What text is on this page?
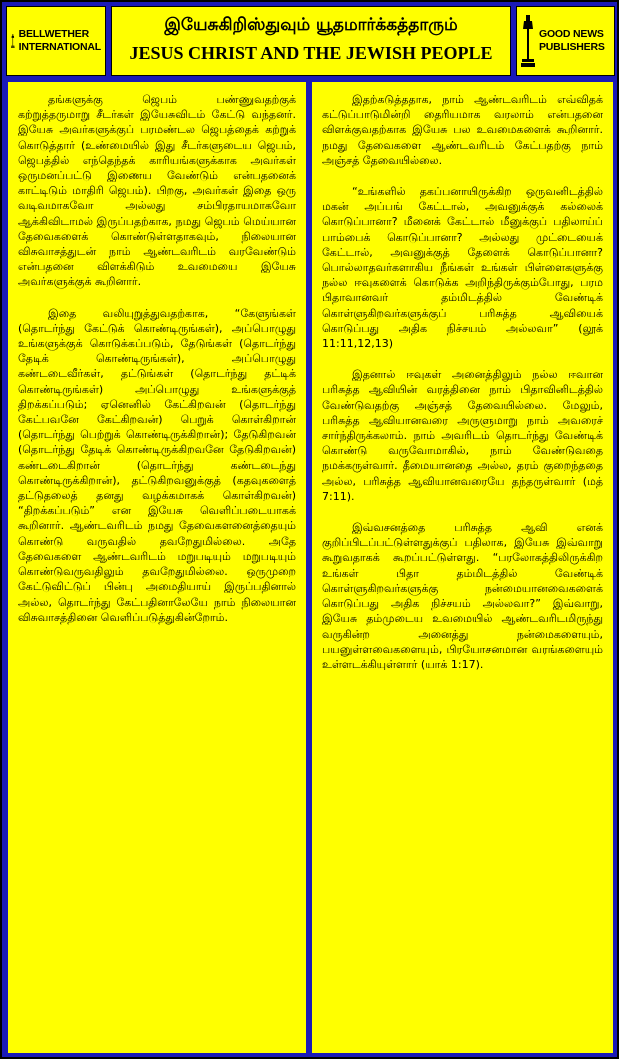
BELLWETHER
INTERNATIONAL
இயேசுகிறிஸ்துவும் யூதமார்க்கத்தாரும்
JESUS CHRIST AND THE JEWISH PEOPLE
GOOD NEWS
PUBLISHERS

தங்களுக்கு ஜெபம் பண்ணுவதற்குக் கற்றுத்தருமாறு சீடர்கள் இயேசுவிடம் கேட்டு வந்தனர். இயேசு அவர்களுக்குப் பரமண்டல ஜெபத்தைக் கற்றுக் கொடுத்தார் (உண்மையில் இது சீடர்களுடைய ஜெபம், ஜெபத்தில் எந்தெந்தக் காரியங்களுக்காக அவர்கள் ஒருமனப்பட்டு இணைய வேண்டும் என்பதனைக் காட்டிடும் மாதிரி ஜெபம்). பிறகு, அவர்கள் இதை ஒரு வடிவமாகவோ அல்லது சம்பிரதாயமாகவோ ஆக்கிவிடாமல் இருப்பதற்காக, நமது ஜெபம் மெய்யான தேவைகளைக் கொண்டுள்ளதாகவும், நிலையான விசுவாசத்துடன் நாம் ஆண்டவரிடம் வரவேண்டும் என்பதனை விளக்கிடும் உவமையை இயேசு அவர்களுக்குக் கூறினார்.

இதை வலியுறுத்துவதற்காக, “கேளுங்கள் (தொடர்ந்து கேட்டுக் கொண்டிருங்கள்), அப்பொழுது உங்களுக்குக் கொடுக்கப்படும், தேடுங்கள் (தொடர்ந்து தேடிக் கொண்டிருங்கள்), அப்பொழுது கண்டடைவீர்கள், தட்டுங்கள் (தொடர்ந்து தட்டிக் கொண்டிருங்கள்) அப்பொழுது உங்களுக்குத் திறக்கப்படும்; ஏனெனில் கேட்கிறவன் (தொடர்ந்து கேட்பவனே கேட்கிறவன்) பெறுக் கொள்கிறான் (தொடர்ந்து பெற்றுக் கொண்டிருக்கிறான்); தேடுகிறவன் (தொடர்ந்து தேடிக் கொண்டிருக்கிறவனே தேடுகிறவன்) கண்டடைகிறான் (தொடர்ந்து கண்டடைந்து கொண்டிருக்கிறான்), தட்டுகிறவனுக்குத் (கதவுகளைத் தட்டுதலைத் தனது வழக்கமாகக் கொள்கிறவன்) “திறக்கப்படும்” என இயேசு வெளிப்படையாகக் கூறினார். ஆண்டவரிடம் நமது தேவைகளனைத்தையும் கொண்டு வருவதில் தவறேதுமில்லை. அதே தேவைகளை ஆண்டவரிடம் மறுபடியும் மறுபடியும் கொண்டுவருவதிலும் தவறேதுமில்லை. ஒருமுறை கேட்டுவிட்டுப் பின்பு அமைதியாய் இருப்பதினால் அல்ல, தொடர்ந்து கேட்பதினாலேயே நாம் நிலையான விசுவாசத்தினை வெளிப்படுத்துகின்றோம்.

இதற்கடுத்ததாக, நாம் ஆண்டவரிடம் எவ்விதக் கட்டுப்பாடுமின்றி தைரியமாக வரலாம் என்பதனை விளக்குவதற்காக இயேசு பல உவமைகளைக் கூறினார். நமது தேவைகளை ஆண்டவரிடம் கேட்பதற்கு நாம் அஞ்சத் தேவையில்லை.

“உங்களில் தகப்பனாயிருக்கிற ஒருவனிடத்தில் மகன் அப்பங் கேட்டால், அவனுக்குக் கல்லைக் கொடுப்பானா? மீனைக் கேட்டால் மீனுக்குப் பதிலாய்ப் பாம்பைக் கொடுப்பானா? அல்லது முட்டையைக் கேட்டால், அவனுக்குத் தேளைக் கொடுப்பானா? பொல்லாதவர்களாகிய நீங்கள் உங்கள் பிள்ளைகளுக்கு நல்ல ஈவுகளைக் கொடுக்க அறிந்திருக்கும்போது, பரம பிதாவானவர் தம்மிடத்தில் வேண்டிக் கொள்ளுகிறவர்களுக்குப் பரிசுத்த ஆவியைக் கொடுப்பது அதிக நிச்சயம் அல்லவா” (லூக் 11:11,12,13)

இதனால் ஈவுகள் அனைத்திலும் நல்ல ஈவான பரிசுத்த ஆவியின் வரத்தினை நாம் பிதாவினிடத்தில் வேண்டுவதற்கு அஞ்சத் தேவையில்லை. மேலும், பரிசுத்த ஆவியானவரை அருளுமாறு நாம் அவரைச் சார்ந்திருக்கலாம். நாம் அவரிடம் தொடர்ந்து வேண்டிக் கொண்டு வருவோமாகில், நாம் வேண்டுவதை நமக்கருள்வார். தீமையானதை அல்ல, தரம் குறைந்ததை அல்ல, பரிசுத்த ஆவியானவரையே தந்தருள்வார் (மத் 7:11).

இவ்வசனத்தை பரிசுத்த ஆவி எனக் குறிப்பிடப்பட்டுள்ளதுக்குப் பதிலாக, இயேசு இவ்வாறு கூறுவதாகக் கூறப்பட்டுள்ளது. “பரலோகத்திலிருக்கிற உங்கள் பிதா தம்மிடத்தில் வேண்டிக் கொள்ளுகிறவர்களுக்கு நன்மையானவைகளைக் கொடுப்பது அதிக நிச்சயம் அல்லவா?” இவ்வாறு, இயேசு தம்முடைய உவமையில் ஆண்டவரிடமிருந்து வருகின்ற அனைத்து நன்மைகளையும், பயனுள்ளவைகளையும், பிரயோசனமான வரங்களையும் உள்ளடக்கியுள்ளார் (யாக் 1:17).
